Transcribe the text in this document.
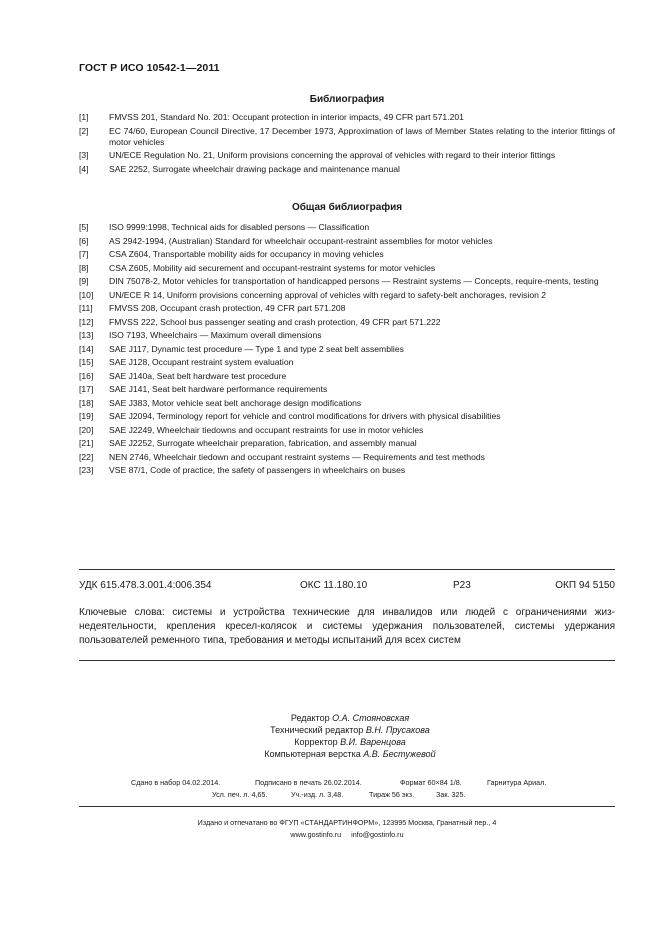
ГОСТ Р ИСО 10542-1—2011
Библиография
[1]	FMVSS 201, Standard No. 201: Occupant protection in interior impacts, 49 CFR part 571.201
[2]	EC 74/60, European Council Directive, 17 December 1973, Approximation of laws of Member States relating to the interior fittings of motor vehicles
[3]	UN/ECE Regulation No. 21, Uniform provisions concerning the approval of vehicles with regard to their interior fittings
[4]	SAE 2252, Surrogate wheelchair drawing package and maintenance manual
Общая библиография
[5]	ISO 9999:1998, Technical aids for disabled persons — Classification
[6]	AS 2942-1994, (Australian) Standard for wheelchair occupant-restraint assemblies for motor vehicles
[7]	CSA Z604, Transportable mobility aids for occupancy in moving vehicles
[8]	CSA Z605, Mobility aid securement and occupant-restraint systems for motor vehicles
[9]	DIN 75078-2, Motor vehicles for transportation of handicapped persons — Restraint systems — Concepts, require-ments, testing
[10]	UN/ECE R 14, Uniform provisions concerning approval of vehicles with regard to safety-belt anchorages, revision 2
[11]	FMVSS 208, Occupant crash protection, 49 CFR part 571.208
[12]	FMVSS 222, School bus passenger seating and crash protection, 49 CFR part 571.222
[13]	ISO 7193, Wheelchairs — Maximum overall dimensions
[14]	SAE J117, Dynamic test procedure — Type 1 and type 2 seat belt assemblies
[15]	SAE J128, Occupant restraint system evaluation
[16]	SAE J140a, Seat belt hardware test procedure
[17]	SAE J141, Seat belt hardware performance requirements
[18]	SAE J383, Motor vehicle seat belt anchorage design modifications
[19]	SAE J2094, Terminology report for vehicle and control modifications for drivers with physical disabilities
[20]	SAE J2249, Wheelchair tiedowns and occupant restraints for use in motor vehicles
[21]	SAE J2252, Surrogate wheelchair preparation, fabrication, and assembly manual
[22]	NEN 2746, Wheelchair tiedown and occupant restraint systems — Requirements and test methods
[23]	VSE 87/1, Code of practice, the safety of passengers in wheelchairs on buses
УДК 615.478.3.001.4:006.354	ОКС 11.180.10	P23	ОКП 94 5150
Ключевые слова: системы и устройства технические для инвалидов или людей с ограничениями жиз-недеятельности, крепления кресел-колясок и системы удержания пользователей, системы удержания пользователей ременного типа, требования и методы испытаний для всех систем
Редактор О.А. Стояновская
Технический редактор В.Н. Прусакова
Корректор В.И. Варенцова
Компьютерная верстка А.В. Бестужевой
Сдано в набор 04.02.2014.	Подписано в печать 26.02.2014.	Формат 60×84 1/8.	Гарнитура Ариал.
Усл. печ. л. 4,65.	Уч.-изд. л. 3,48.	Тираж 56 экз.	Зак. 325.
Издано и отпечатано во ФГУП «СТАНДАРТИНФОРМ», 123995 Москва, Гранатный пер., 4
www.gostinfo.ru     info@gostinfo.ru
